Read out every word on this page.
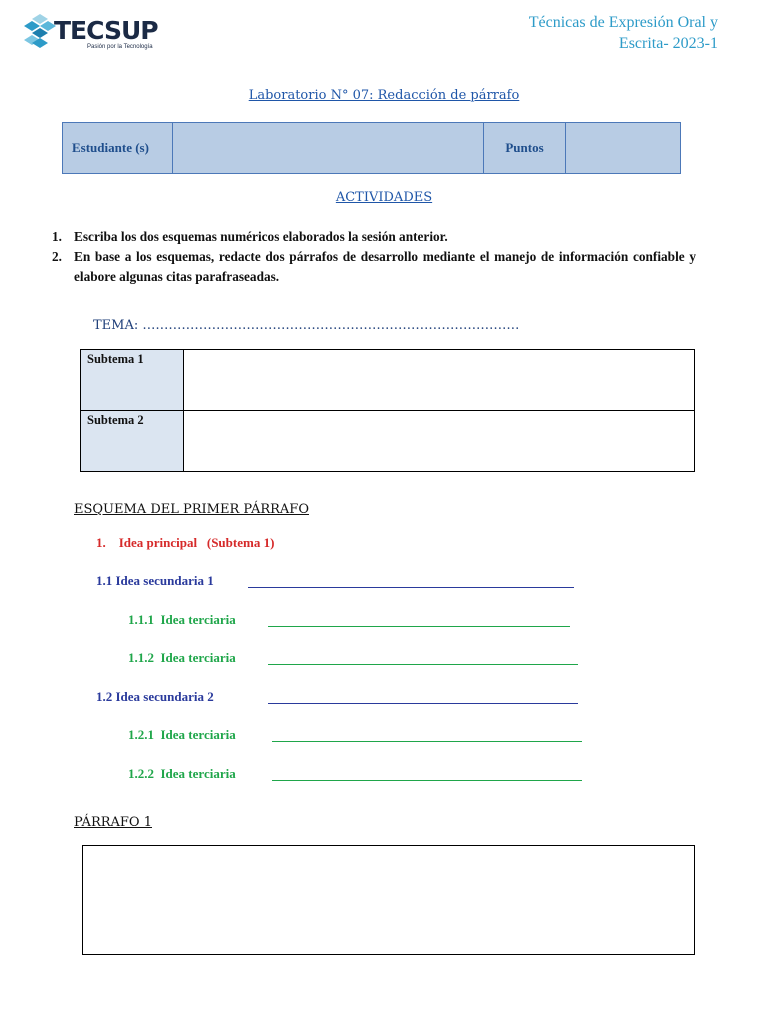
TECSUP
Pasión por la Tecnología
Técnicas de Expresión Oral y
Escrita- 2023-1
Laboratorio N° 07: Redacción de párrafo
Estudiante (s)		Puntos	
ACTIVIDADES
1. Escriba los dos esquemas numéricos elaborados la sesión anterior.
2. En base a los esquemas, redacte dos párrafos de desarrollo mediante el manejo de información confiable y elabore algunas citas parafraseadas.
TEMA: ……………………………………………………………………………
Subtema 1	
Subtema 2	
ESQUEMA DEL PRIMER PÁRRAFO
1. Idea principal   (Subtema 1)
1.1 Idea secundaria 1
1.1.1  Idea terciaria
1.1.2  Idea terciaria
1.2 Idea secundaria 2
1.2.1  Idea terciaria
1.2.2  Idea terciaria
PÁRRAFO 1
